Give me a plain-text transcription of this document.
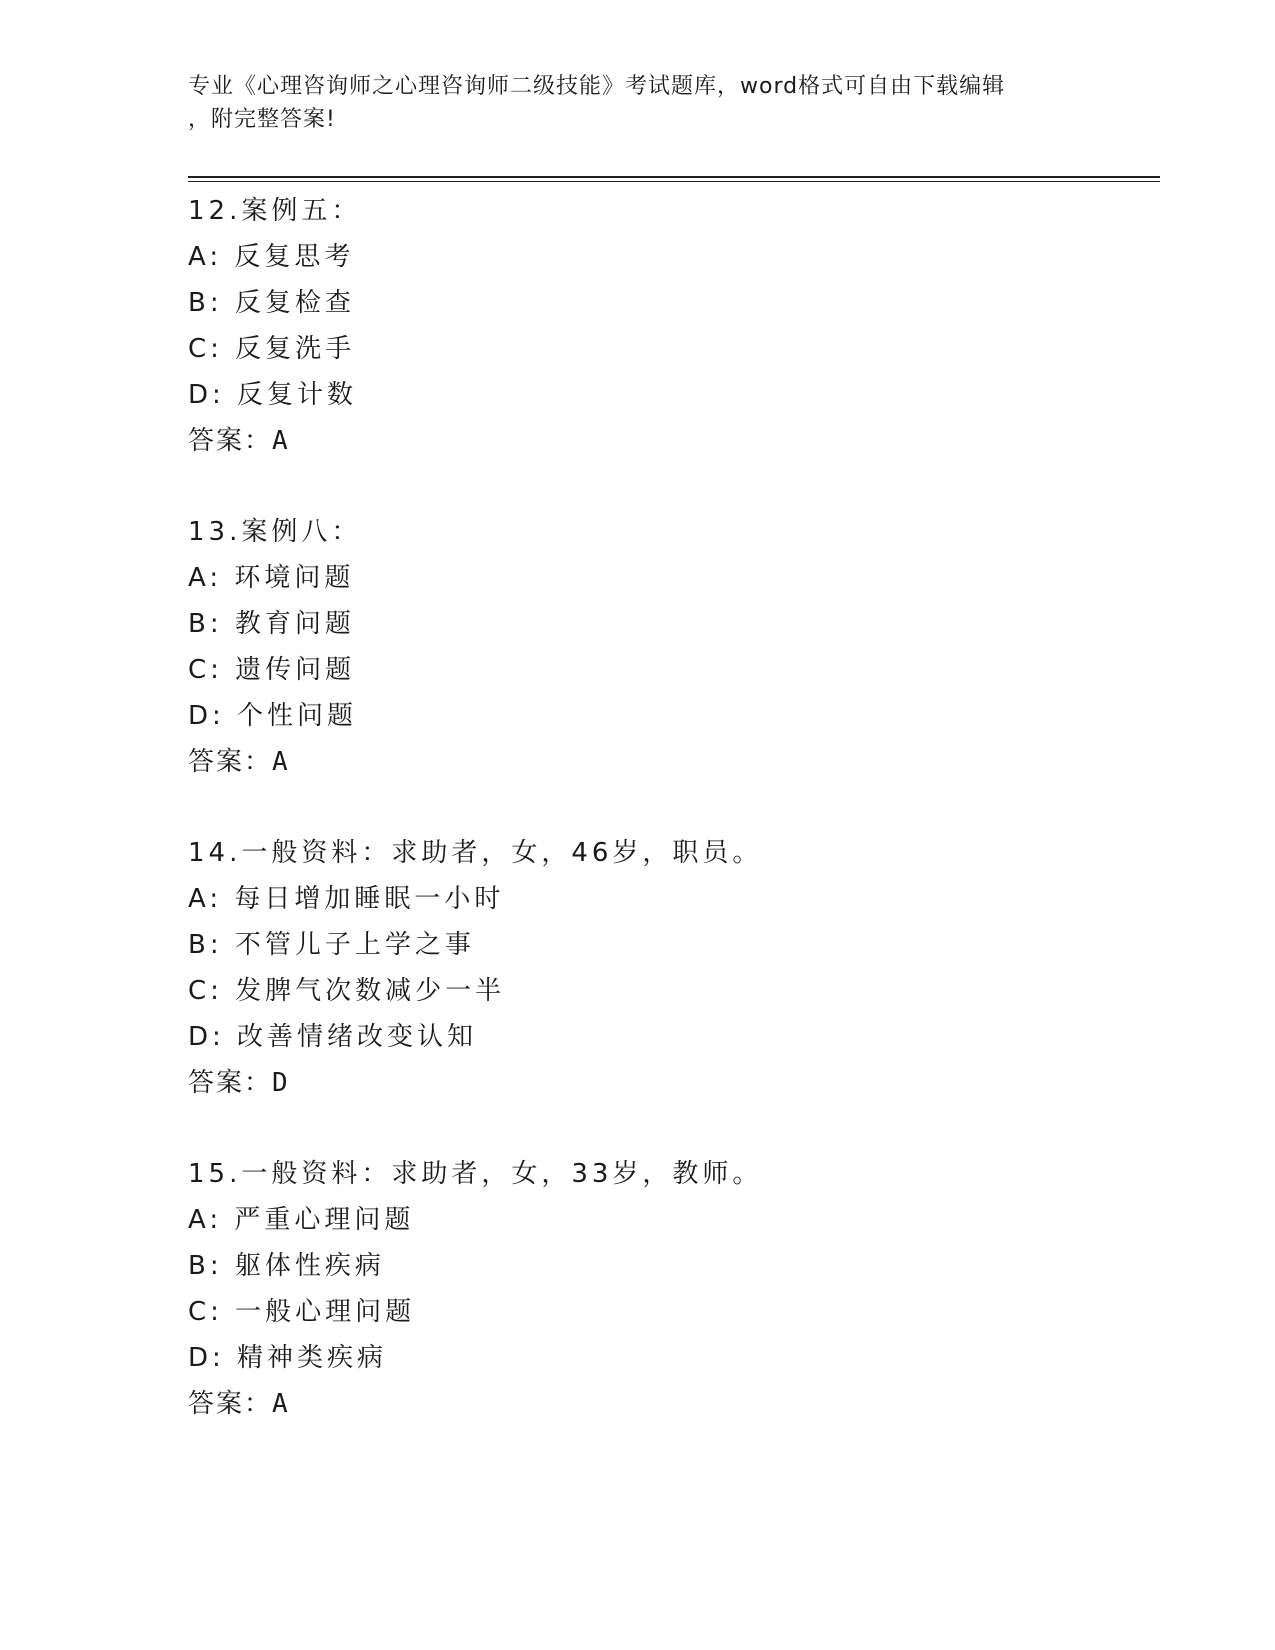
专业《心理咨询师之心理咨询师二级技能》考试题库，word格式可自由下载编辑
，附完整答案!
12.案例五：
A: 反复思考
B: 反复检查
C: 反复洗手
D: 反复计数
答案：A
13.案例八：
A: 环境问题
B: 教育问题
C: 遗传问题
D: 个性问题
答案：A
14.一般资料：求助者，女，46岁，职员。
A: 每日增加睡眠一小时
B: 不管儿子上学之事
C: 发脾气次数减少一半
D: 改善情绪改变认知
答案：D
15.一般资料：求助者，女，33岁，教师。
A: 严重心理问题
B: 躯体性疾病
C: 一般心理问题
D: 精神类疾病
答案：A
